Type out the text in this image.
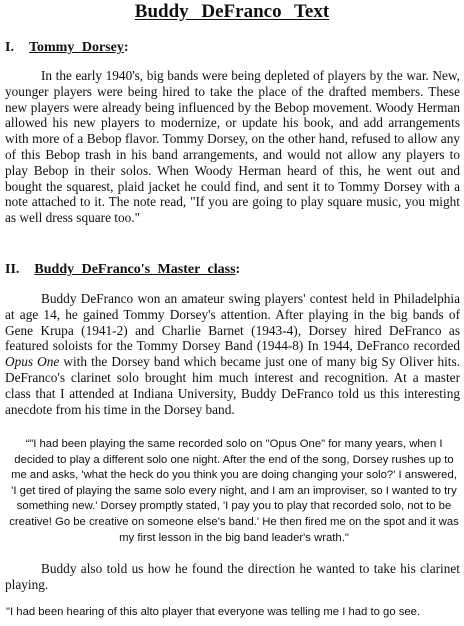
Buddy DeFranco Text
I. Tommy Dorsey:

In the early 1940's, big bands were being depleted of players by the war. New, younger players were being hired to take the place of the drafted members. These new players were already being influenced by the Bebop movement. Woody Herman allowed his new players to modernize, or update his book, and add arrangements with more of a Bebop flavor. Tommy Dorsey, on the other hand, refused to allow any of this Bebop trash in his band arrangements, and would not allow any players to play Bebop in their solos. When Woody Herman heard of this, he went out and bought the squarest, plaid jacket he could find, and sent it to Tommy Dorsey with a note attached to it. The note read, "If you are going to play square music, you might as well dress square too."

II. Buddy DeFranco's Master class:

Buddy DeFranco won an amateur swing players' contest held in Philadelphia at age 14, he gained Tommy Dorsey's attention. After playing in the big bands of Gene Krupa (1941-2) and Charlie Barnet (1943-4), Dorsey hired DeFranco as featured soloists for the Tommy Dorsey Band (1944-8) In 1944, DeFranco recorded Opus One with the Dorsey band which became just one of many big Sy Oliver hits. DeFranco's clarinet solo brought him much interest and recognition. At a master class that I attended at Indiana University, Buddy DeFranco told us this interesting anecdote from his time in the Dorsey band.

“"I had been playing the same recorded solo on "Opus One" for many years, when I decided to play a different solo one night. After the end of the song, Dorsey rushes up to me and asks, 'what the heck do you think you are doing changing your solo?' I answered, 'I get tired of playing the same solo every night, and I am an improviser, so I wanted to try something new.' Dorsey promptly stated, 'I pay you to play that recorded solo, not to be creative! Go be creative on someone else's band.' He then fired me on the spot and it was my first lesson in the big band leader's wrath."

Buddy also told us how he found the direction he wanted to take his clarinet playing.

"I had been hearing of this alto player that everyone was telling me I had to go see.
